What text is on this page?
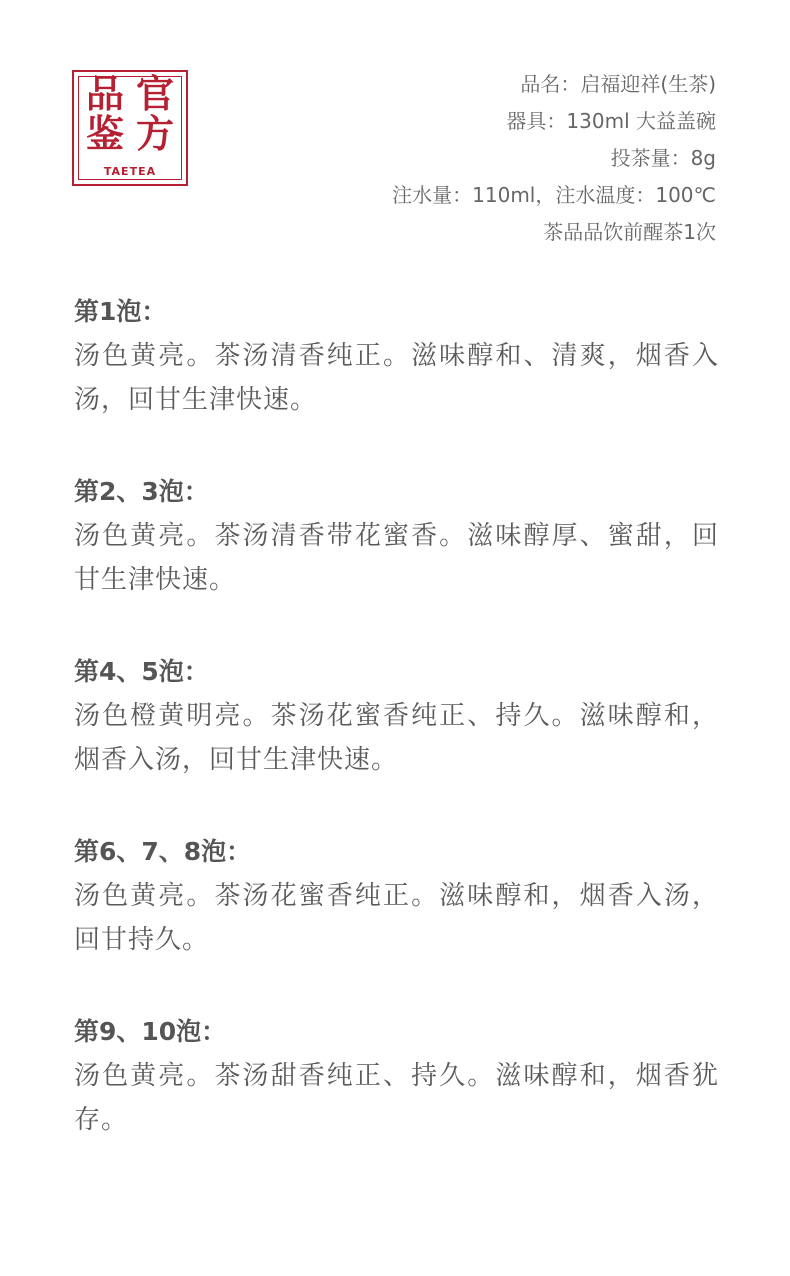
品 官
鉴 方
TAETEA
品名：启福迎祥(生茶)
器具：130ml 大益盖碗
投茶量：8g
注水量：110ml，注水温度：100℃
茶品品饮前醒茶1次
第1泡：
汤色黄亮。茶汤清香纯正。滋味醇和、清爽，烟香入汤，回甘生津快速。
第2、3泡：
汤色黄亮。茶汤清香带花蜜香。滋味醇厚、蜜甜，回甘生津快速。
第4、5泡：
汤色橙黄明亮。茶汤花蜜香纯正、持久。滋味醇和，烟香入汤，回甘生津快速。
第6、7、8泡：
汤色黄亮。茶汤花蜜香纯正。滋味醇和，烟香入汤，回甘持久。
第9、10泡：
汤色黄亮。茶汤甜香纯正、持久。滋味醇和，烟香犹存。
